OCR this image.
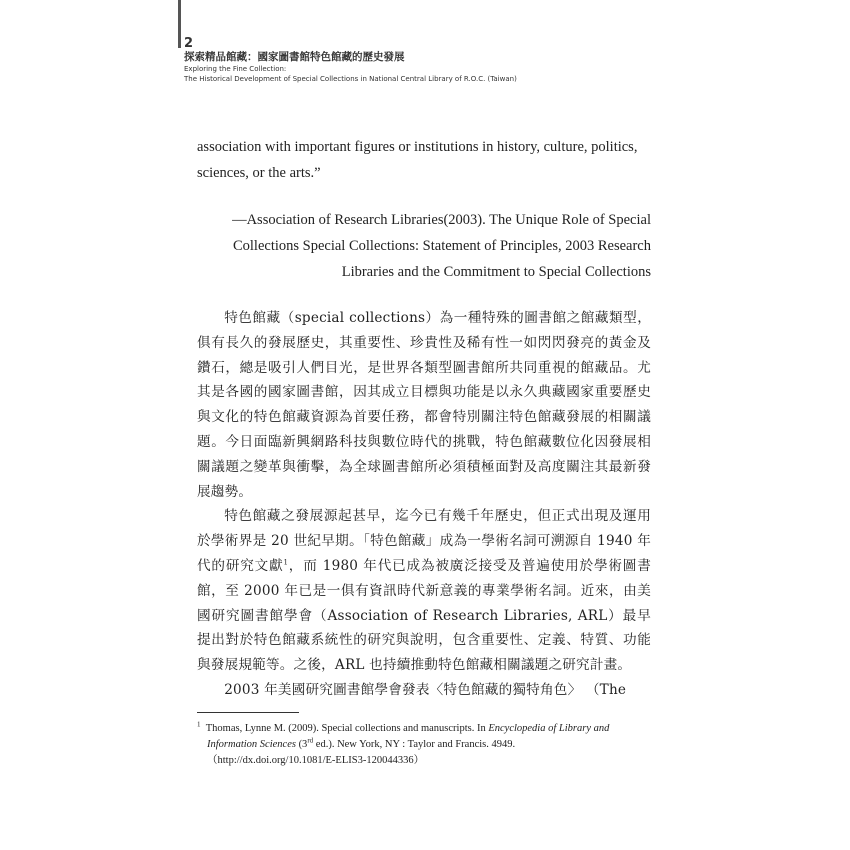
2
探索精品館藏：國家圖書館特色館藏的歷史發展
Exploring the Fine Collection:
The Historical Development of Special Collections in National Central Library of R.O.C. (Taiwan)
association with important figures or institutions in history, culture, politics,
sciences, or the arts.”
—Association of Research Libraries(2003). The Unique Role of Special
Collections Special Collections: Statement of Principles, 2003 Research
Libraries and the Commitment to Special Collections

特色館藏（special collections）為一種特殊的圖書館之館藏類型，俱有長久的發展歷史，其重要性、珍貴性及稀有性一如閃閃發亮的黃金及鑽石，總是吸引人們目光，是世界各類型圖書館所共同重視的館藏品。尤其是各國的國家圖書館，因其成立目標與功能是以永久典藏國家重要歷史與文化的特色館藏資源為首要任務，都會特別關注特色館藏發展的相關議題。今日面臨新興網路科技與數位時代的挑戰，特色館藏數位化因發展相關議題之變革與衝擊，為全球圖書館所必須積極面對及高度關注其最新發展趨勢。

特色館藏之發展源起甚早，迄今已有幾千年歷史，但正式出現及運用於學術界是 20 世紀早期。「特色館藏」成為一學術名詞可溯源自 1940 年代的研究文獻$^1$，而 1980 年代已成為被廣泛接受及普遍使用於學術圖書館，至 2000 年已是一俱有資訊時代新意義的專業學術名詞。近來，由美國研究圖書館學會（Association of Research Libraries, ARL）最早提出對於特色館藏系統性的研究與說明，包含重要性、定義、特質、功能與發展規範等。之後，ARL 也持續推動特色館藏相關議題之研究計畫。

2003 年美國研究圖書館學會發表〈特色館藏的獨特角色〉 （The

$^1$ Thomas, Lynne M. (2009). Special collections and manuscripts. In Encyclopedia of Library and
Information Sciences (3rd ed.). New York, NY : Taylor and Francis. 4949.
（http://dx.doi.org/10.1081/E-ELIS3-120044336）
